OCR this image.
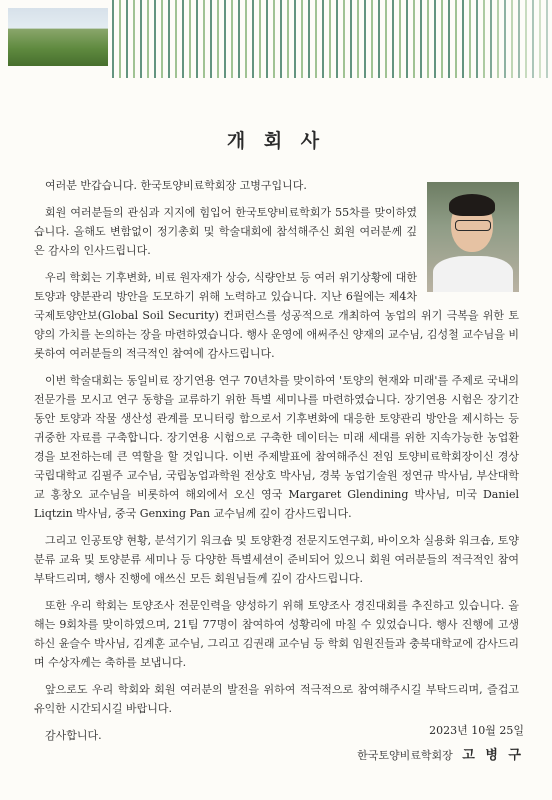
개 회 사

여러분 반갑습니다. 한국토양비료학회장 고병구입니다.

회원 여러분들의 관심과 지지에 힘입어 한국토양비료학회가 55차를 맞이하였습니다. 올해도 변함없이 정기총회 및 학술대회에 참석해주신 회원 여러분께 깊은 감사의 인사드립니다.

우리 학회는 기후변화, 비료 원자재가 상승, 식량안보 등 여러 위기상황에 대한 토양과 양분관리 방안을 도모하기 위해 노력하고 있습니다. 지난 6월에는 제4차 국제토양안보(Global Soil Security) 컨퍼런스를 성공적으로 개최하여 농업의 위기 극복을 위한 토양의 가치를 논의하는 장을 마련하였습니다. 행사 운영에 애써주신 양재의 교수님, 김성철 교수님을 비롯하여 여러분들의 적극적인 참여에 감사드립니다.

이번 학술대회는 동일비료 장기연용 연구 70년차를 맞이하여 '토양의 현재와 미래'를 주제로 국내의 전문가를 모시고 연구 동향을 교류하기 위한 특별 세미나를 마련하였습니다. 장기연용 시험은 장기간 동안 토양과 작물 생산성 관계를 모니터링 함으로서 기후변화에 대응한 토양관리 방안을 제시하는 등 귀중한 자료를 구축합니다. 장기연용 시험으로 구축한 데이터는 미래 세대를 위한 지속가능한 농업환경을 보전하는데 큰 역할을 할 것입니다. 이번 주제발표에 참여해주신 전임 토양비료학회장이신 경상국립대학교 김필주 교수님, 국립농업과학원 전상호 박사님, 경북 농업기술원 정연규 박사님, 부산대학교 홍창오 교수님을 비롯하여 해외에서 오신 영국 Margaret Glendining 박사님, 미국 Daniel Liqtzin 박사님, 중국 Genxing Pan 교수님께 깊이 감사드립니다.

그리고 인공토양 현황, 분석기기 워크숍 및 토양환경 전문지도연구회, 바이오차 실용화 워크숍, 토양분류 교육 및 토양분류 세미나 등 다양한 특별세션이 준비되어 있으니 회원 여러분들의 적극적인 참여 부탁드리며, 행사 진행에 애쓰신 모든 회원님들께 깊이 감사드립니다.

또한 우리 학회는 토양조사 전문인력을 양성하기 위해 토양조사 경진대회를 추진하고 있습니다. 올해는 9회차를 맞이하였으며, 21팀 77명이 참여하여 성황리에 마칠 수 있었습니다. 행사 진행에 고생하신 윤슬수 박사님, 김계훈 교수님, 그리고 김권래 교수님 등 학회 임원진들과 충북대학교에 감사드리며 수상자께는 축하를 보냅니다.

앞으로도 우리 학회와 회원 여러분의 발전을 위하여 적극적으로 참여해주시길 부탁드리며, 즐겁고 유익한 시간되시길 바랍니다.

감사합니다.	2023년 10월 25일
한국토양비료학회장 고 병 구
